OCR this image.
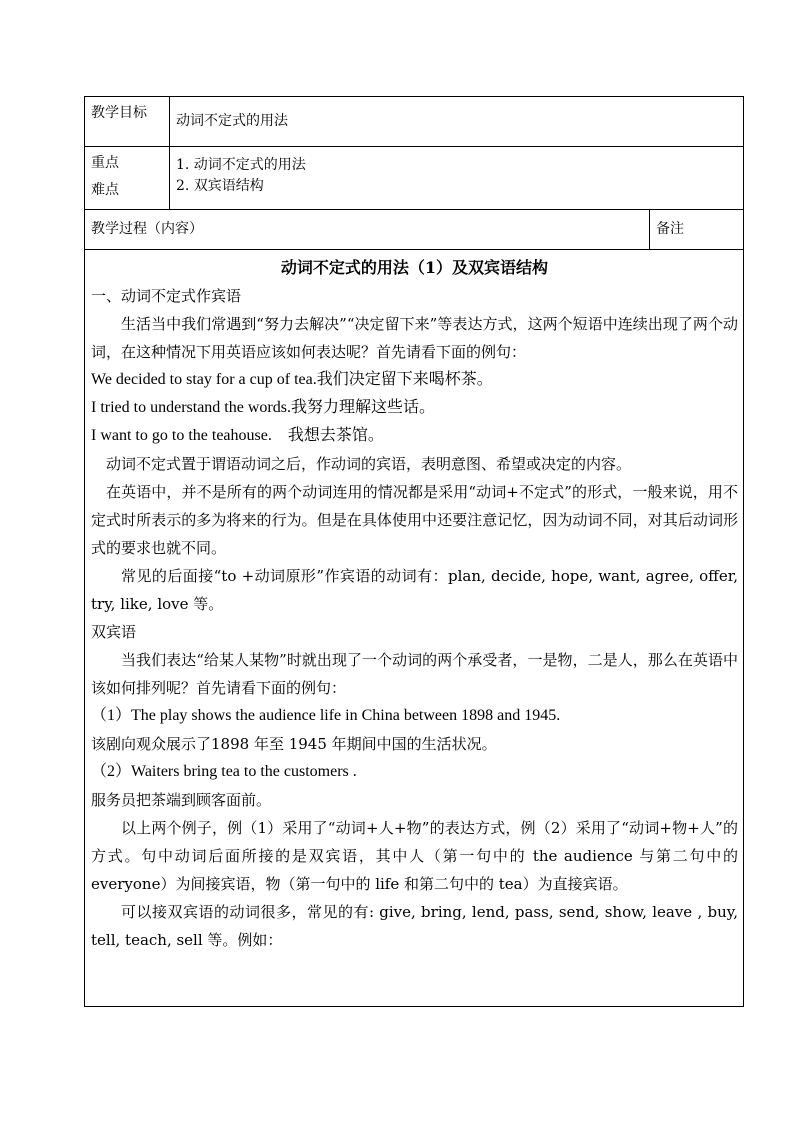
教学目标	动词不定式的用法
重点
难点
1. 动词不定式的用法
2. 双宾语结构
教学过程（内容）	备注

动词不定式的用法（1）及双宾语结构

一、动词不定式作宾语

生活当中我们常遇到“努力去解决”“决定留下来”等表达方式，这两个短语中连续出现了两个动词，在这种情况下用英语应该如何表达呢？首先请看下面的例句：

We decided to stay for a cup of tea.我们决定留下来喝杯茶。

I tried to understand the words.我努力理解这些话。

I want to go to the teahouse.    我想去茶馆。

动词不定式置于谓语动词之后，作动词的宾语，表明意图、希望或决定的内容。

在英语中，并不是所有的两个动词连用的情况都是采用“动词+不定式”的形式，一般来说，用不定式时所表示的多为将来的行为。但是在具体使用中还要注意记忆，因为动词不同，对其后动词形式的要求也就不同。

常见的后面接“to +动词原形”作宾语的动词有：plan, decide, hope, want, agree, offer, try, like, love 等。

双宾语

当我们表达“给某人某物”时就出现了一个动词的两个承受者，一是物，二是人，那么在英语中该如何排列呢？首先请看下面的例句：

（1）The play shows the audience life in China between 1898 and 1945.

该剧向观众展示了1898 年至 1945 年期间中国的生活状况。

（2）Waiters bring tea to the customers .

服务员把茶端到顾客面前。

以上两个例子，例（1）采用了“动词+人+物”的表达方式，例（2）采用了“动词+物+人”的方式。句中动词后面所接的是双宾语，其中人（第一句中的 the audience 与第二句中的 everyone）为间接宾语，物（第一句中的 life 和第二句中的 tea）为直接宾语。

可以接双宾语的动词很多，常见的有: give, bring, lend, pass, send, show, leave , buy, tell, teach, sell 等。例如：
